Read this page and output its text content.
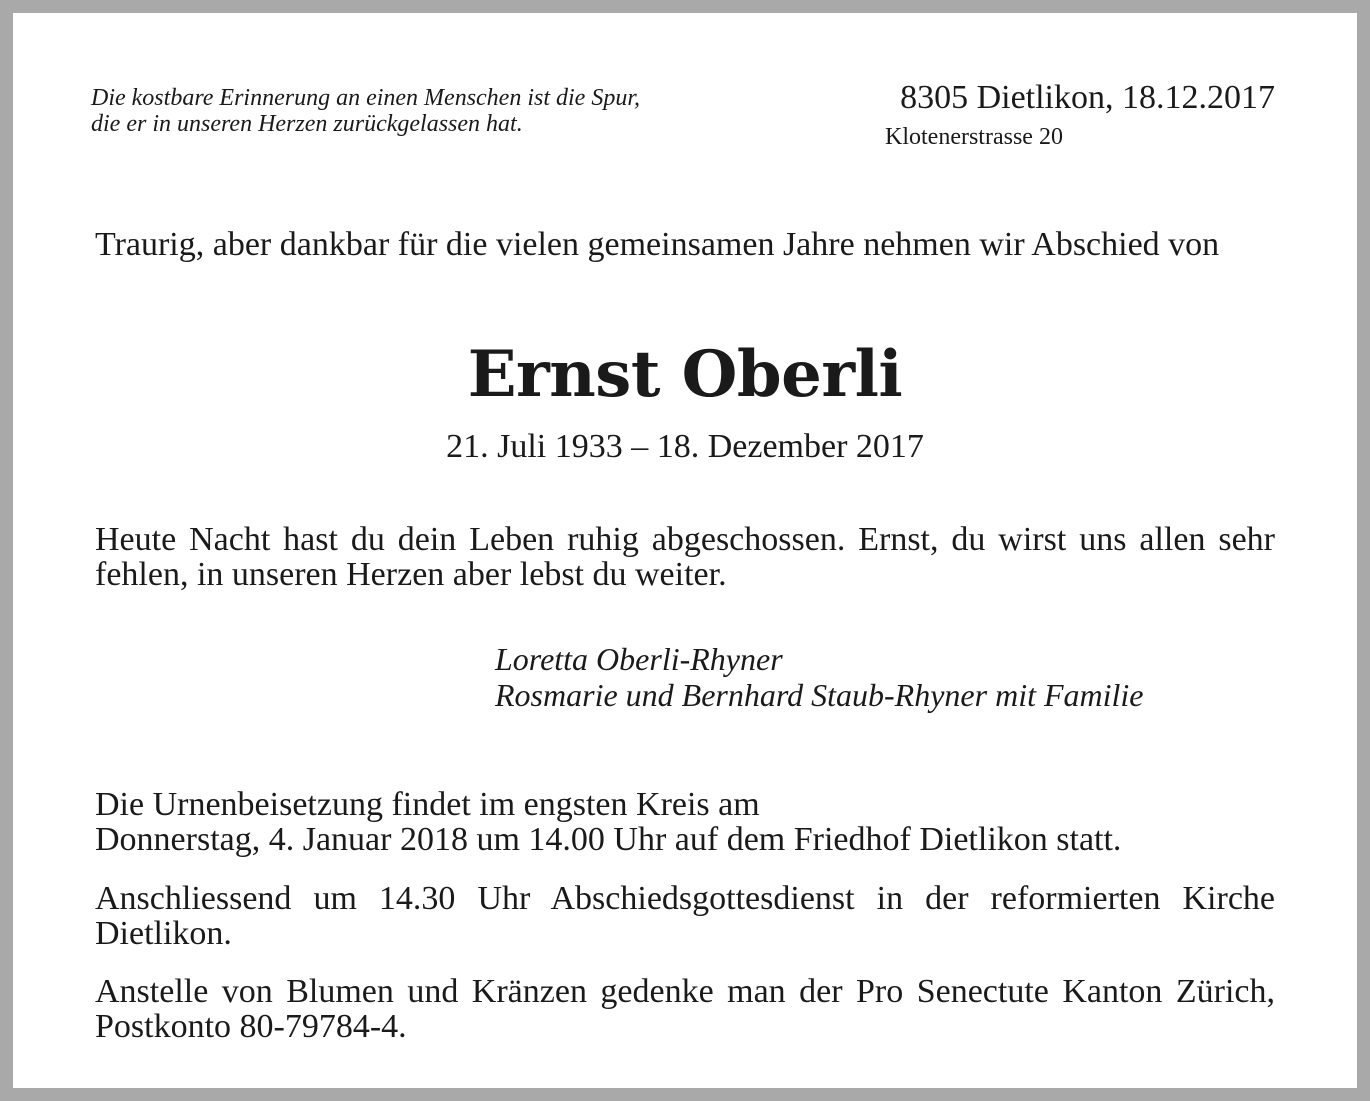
Die kostbare Erinnerung an einen Menschen ist die Spur,
die er in unseren Herzen zurückgelassen hat.
8305 Dietlikon, 18.12.2017
Klotenerstrasse 20
Traurig, aber dankbar für die vielen gemeinsamen Jahre nehmen wir Abschied von
Ernst Oberli
21. Juli 1933 – 18. Dezember 2017
Heute Nacht hast du dein Leben ruhig abgeschossen. Ernst, du wirst uns allen sehr fehlen, in unseren Herzen aber lebst du weiter.
Loretta Oberli-Rhyner
Rosmarie und Bernhard Staub-Rhyner mit Familie
Die Urnenbeisetzung findet im engsten Kreis am
Donnerstag, 4. Januar 2018 um 14.00 Uhr auf dem Friedhof Dietlikon statt.
Anschliessend um 14.30 Uhr Abschiedsgottesdienst in der reformierten Kirche Dietlikon.
Anstelle von Blumen und Kränzen gedenke man der Pro Senectute Kanton Zürich, Postkonto 80-79784-4.
